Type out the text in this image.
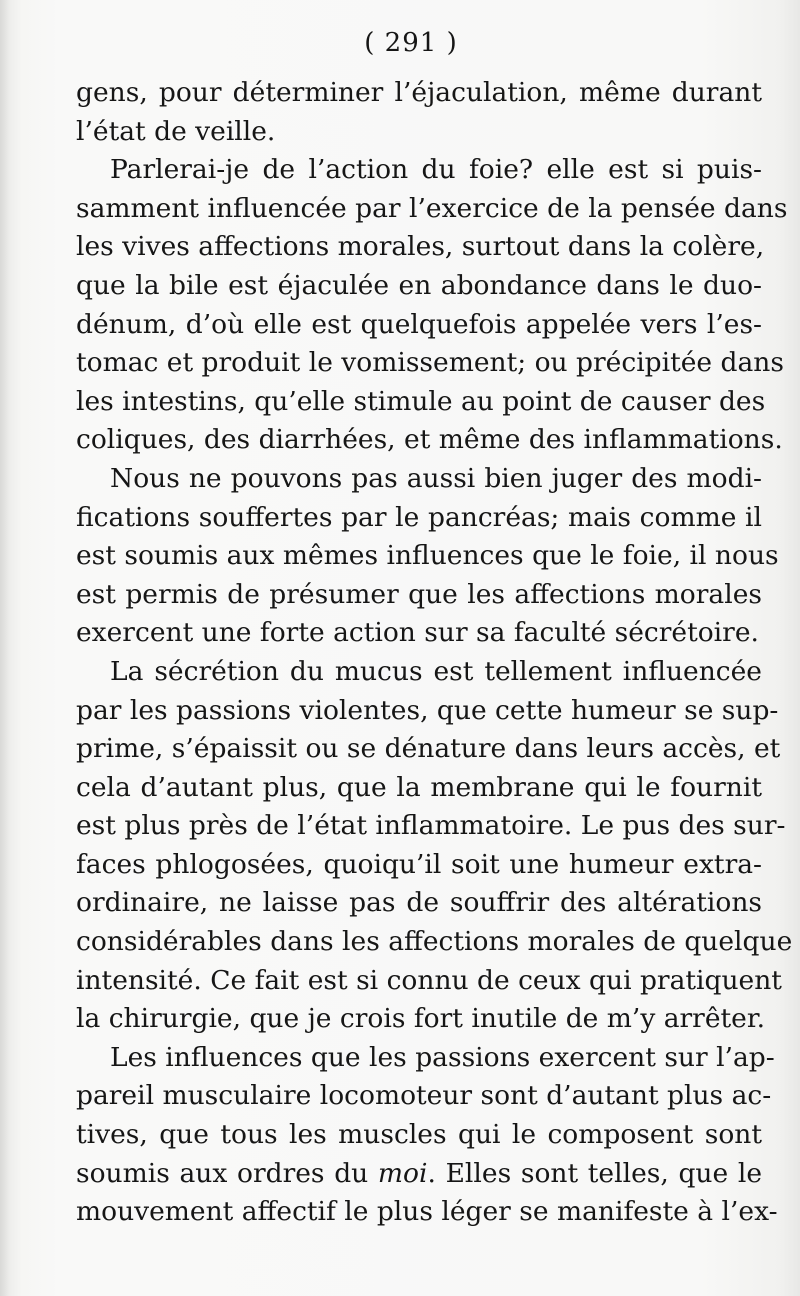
( 291 )
gens, pour déterminer l’éjaculation, même durant
l’état de veille.
Parlerai-je de l’action du foie? elle est si puis-
samment influencée par l’exercice de la pensée dans
les vives affections morales, surtout dans la colère,
que la bile est éjaculée en abondance dans le duo-
dénum, d’où elle est quelquefois appelée vers l’es-
tomac et produit le vomissement; ou précipitée dans
les intestins, qu’elle stimule au point de causer des
coliques, des diarrhées, et même des inflammations.
Nous ne pouvons pas aussi bien juger des modi-
fications souffertes par le pancréas; mais comme il
est soumis aux mêmes influences que le foie, il nous
est permis de présumer que les affections morales
exercent une forte action sur sa faculté sécrétoire.
La sécrétion du mucus est tellement influencée
par les passions violentes, que cette humeur se sup-
prime, s’épaissit ou se dénature dans leurs accès, et
cela d’autant plus, que la membrane qui le fournit
est plus près de l’état inflammatoire. Le pus des sur-
faces phlogosées, quoiqu’il soit une humeur extra-
ordinaire, ne laisse pas de souffrir des altérations
considérables dans les affections morales de quelque
intensité. Ce fait est si connu de ceux qui pratiquent
la chirurgie, que je crois fort inutile de m’y arrêter.
Les influences que les passions exercent sur l’ap-
pareil musculaire locomoteur sont d’autant plus ac-
tives, que tous les muscles qui le composent sont
soumis aux ordres du moi. Elles sont telles, que le
mouvement affectif le plus léger se manifeste à l’ex-
